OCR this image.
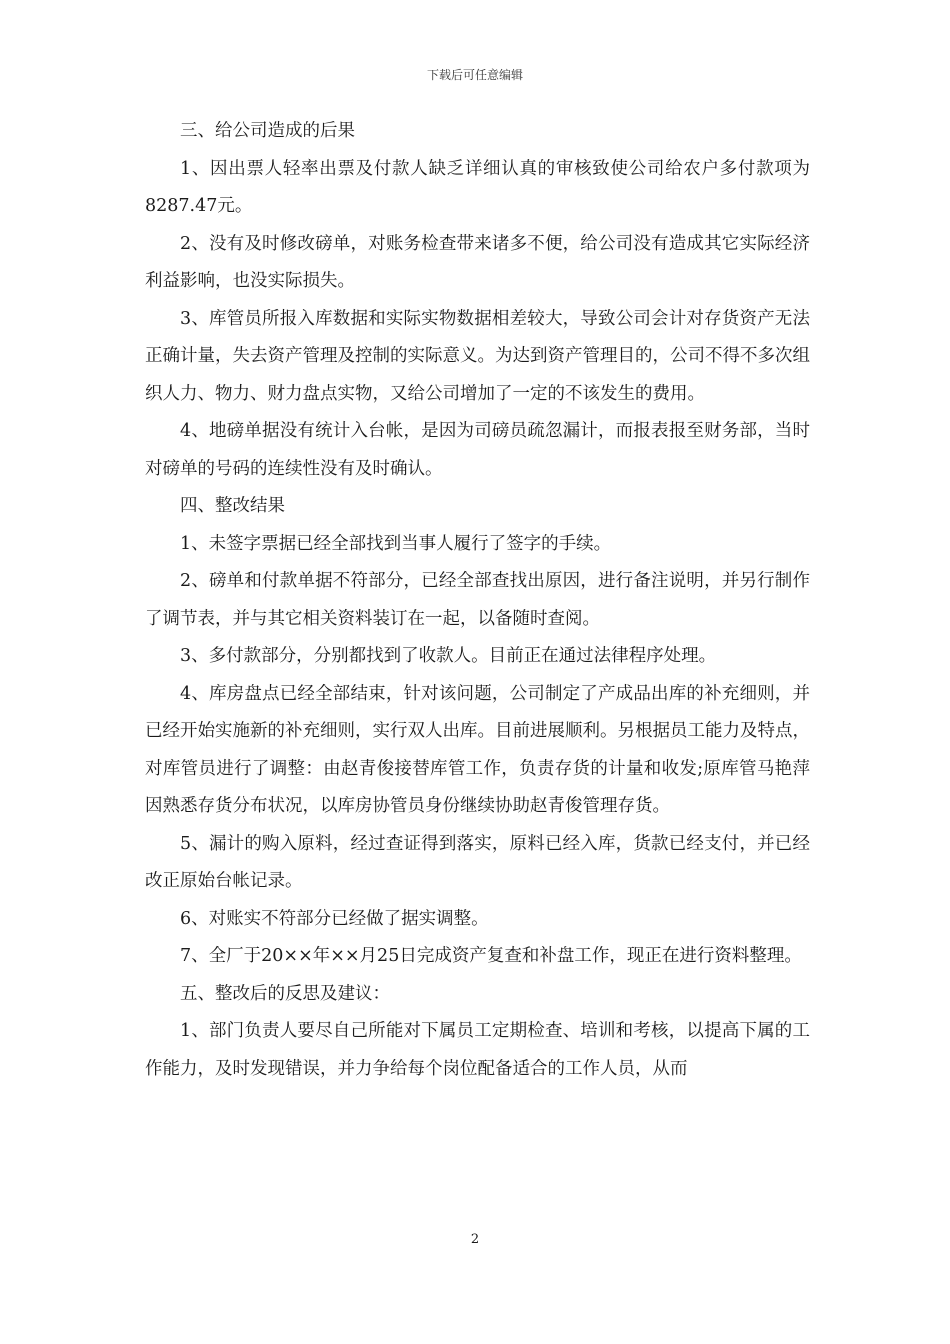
下载后可任意编辑

三、给公司造成的后果

1、因出票人轻率出票及付款人缺乏详细认真的审核致使公司给农户多付款项为8287.47元。

2、没有及时修改磅单，对账务检查带来诸多不便，给公司没有造成其它实际经济利益影响，也没实际损失。

3、库管员所报入库数据和实际实物数据相差较大，导致公司会计对存货资产无法正确计量，失去资产管理及控制的实际意义。为达到资产管理目的，公司不得不多次组织人力、物力、财力盘点实物，又给公司增加了一定的不该发生的费用。

4、地磅单据没有统计入台帐，是因为司磅员疏忽漏计，而报表报至财务部，当时对磅单的号码的连续性没有及时确认。

四、整改结果

1、未签字票据已经全部找到当事人履行了签字的手续。

2、磅单和付款单据不符部分，已经全部查找出原因，进行备注说明，并另行制作了调节表，并与其它相关资料装订在一起，以备随时查阅。

3、多付款部分，分别都找到了收款人。目前正在通过法律程序处理。

4、库房盘点已经全部结束，针对该问题，公司制定了产成品出库的补充细则，并已经开始实施新的补充细则，实行双人出库。目前进展顺利。另根据员工能力及特点，对库管员进行了调整：由赵青俊接替库管工作，负责存货的计量和收发;原库管马艳萍因熟悉存货分布状况，以库房协管员身份继续协助赵青俊管理存货。

5、漏计的购入原料，经过查证得到落实，原料已经入库，货款已经支付，并已经改正原始台帐记录。

6、对账实不符部分已经做了据实调整。

7、全厂于20××年××月25日完成资产复查和补盘工作，现正在进行资料整理。

五、整改后的反思及建议：

1、部门负责人要尽自己所能对下属员工定期检查、培训和考核，以提高下属的工作能力，及时发现错误，并力争给每个岗位配备适合的工作人员，从而

2
